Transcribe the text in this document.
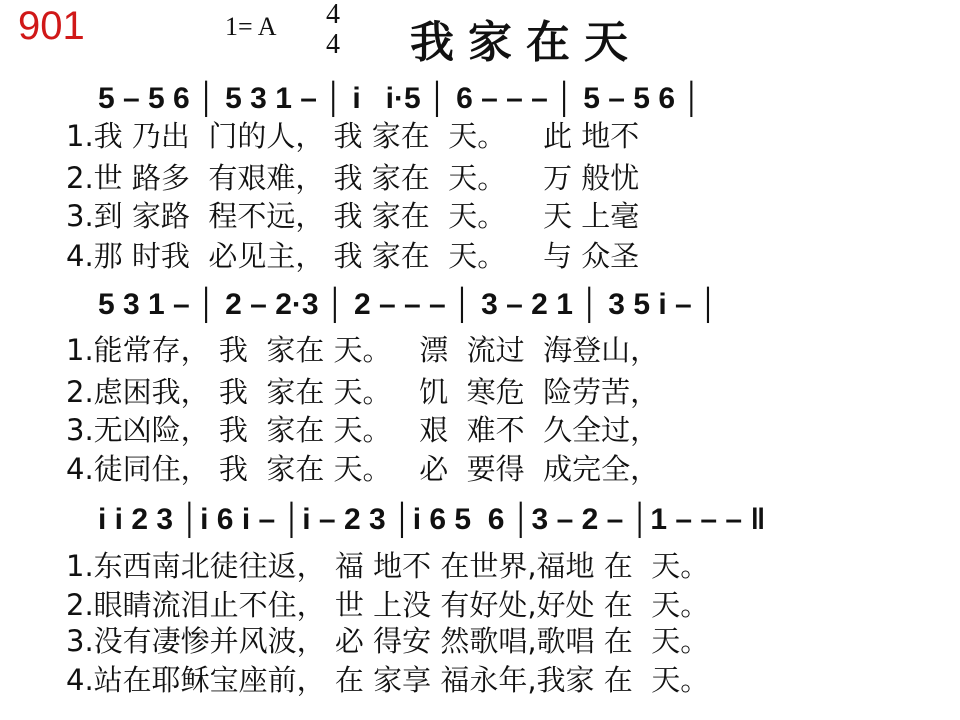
901	1= A 4
4 我家在天
5 – 5 6 │ 5 3 1 – │ i   i·5 │ 6 – – – │ 5 – 5 6 │
1.我 乃出  门的人， 我 家在  天。    此 地不
2.世 路多  有艰难， 我 家在  天。    万 般忧
3.到 家路  程不远， 我 家在  天。    天 上毫
4.那 时我  必见主， 我 家在  天。    与 众圣
5 3 1 – │ 2 – 2·3 │ 2 – – – │ 3 – 2 1 │ 3 5 i – │
1.能常存， 我  家在 天。   漂  流过  海登山，
2.虑困我， 我  家在 天。   饥  寒危  险劳苦，
3.无凶险， 我  家在 天。   艰  难不  久全过，
4.徒同住， 我  家在 天。   必  要得  成完全，
i i 2 3 │i 6 i – │i – 2 3 │i 6 5  6 │3 – 2 – │1 – – – ‖
1.东西南北徒往返， 福 地不 在世界,福地 在  天。
2.眼睛流泪止不住， 世 上没 有好处,好处 在  天。
3.没有凄惨并风波， 必 得安 然歌唱,歌唱 在  天。
4.站在耶稣宝座前， 在 家享 福永年,我家 在  天。
